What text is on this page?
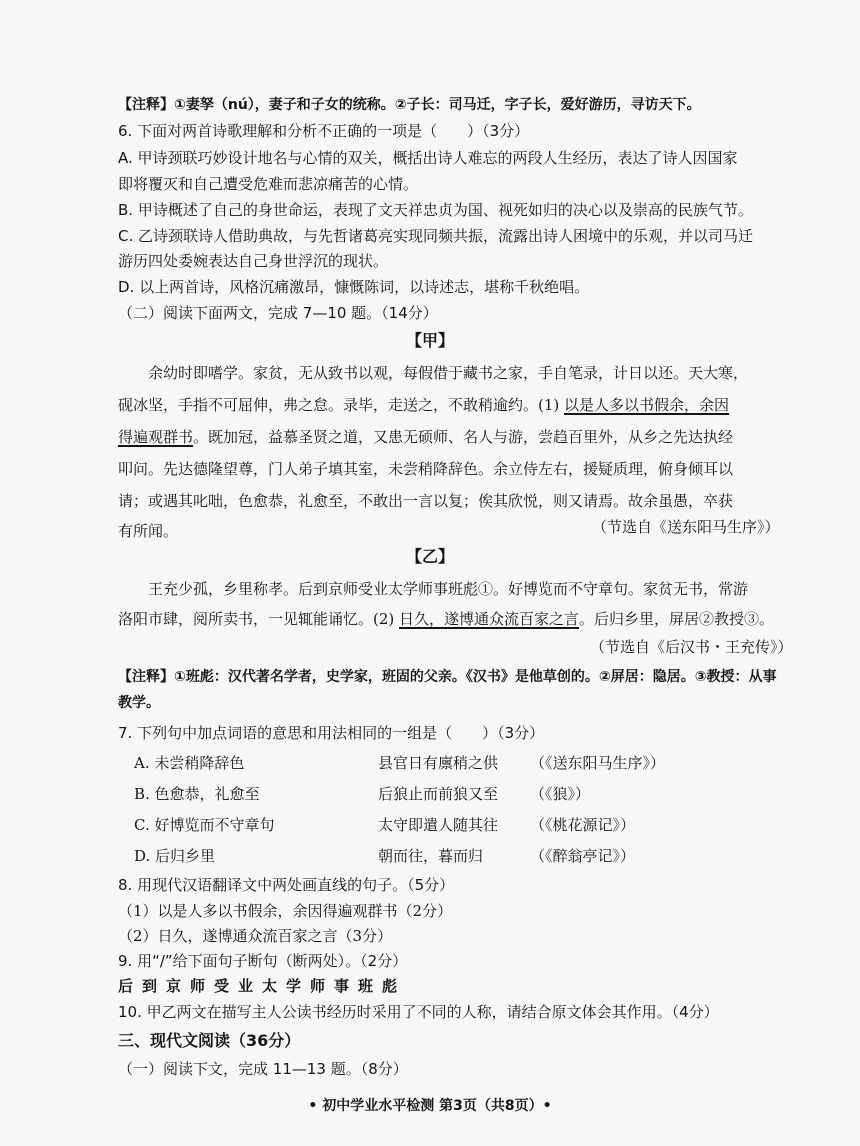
【注释】①妻孥（nú），妻子和子女的统称。②子长：司马迁，字子长，爱好游历，寻访天下。
6. 下面对两首诗歌理解和分析不正确的一项是（　　）（3分）
A. 甲诗颈联巧妙设计地名与心情的双关，概括出诗人难忘的两段人生经历，表达了诗人因国家
即将覆灭和自己遭受危难而悲凉痛苦的心情。
B. 甲诗概述了自己的身世命运，表现了文天祥忠贞为国、视死如归的决心以及崇高的民族气节。
C. 乙诗颈联诗人借助典故，与先哲诸葛亮实现同频共振，流露出诗人困境中的乐观，并以司马迁
游历四处委婉表达自己身世浮沉的现状。
D. 以上两首诗，风格沉痛激昂，慷慨陈词，以诗述志，堪称千秋绝唱。
（二）阅读下面两文，完成 7—10 题。（14分）
【甲】
余幼时即嗜学。家贫，无从致书以观，每假借于藏书之家，手自笔录，计日以还。天大寒，
砚冰坚，手指不可屈伸，弗之怠。录毕，走送之，不敢稍逾约。(1) 以是人多以书假余，余因
得遍观群书。既加冠，益慕圣贤之道，又患无硕师、名人与游，尝趋百里外，从乡之先达执经
叩问。先达德隆望尊，门人弟子填其室，未尝稍降辞色。余立侍左右，援疑质理，俯身倾耳以
请；或遇其叱咄，色愈恭，礼愈至，不敢出一言以复；俟其欣悦，则又请焉。故余虽愚，卒获
有所闻。	（节选自《送东阳马生序》）
【乙】
王充少孤，乡里称孝。后到京师受业太学师事班彪①。好博览而不守章句。家贫无书，常游
洛阳市肆，阅所卖书，一见辄能诵忆。(2) 日久，遂博通众流百家之言。后归乡里，屏居②教授③。
（节选自《后汉书・王充传》）
【注释】①班彪：汉代著名学者，史学家，班固的父亲。《汉书》是他草创的。②屏居：隐居。③教授：从事
教学。
7. 下列句中加点词语的意思和用法相同的一组是（　　）（3分）
A. 未尝稍降辞色	县官日有廪稍之供 （《送东阳马生序》）
B. 色愈恭，礼愈至	后狼止而前狼又至 （《狼》）
C. 好博览而不守章句	太守即遣人随其往 （《桃花源记》）
D. 后归乡里	朝而往，暮而归	（《醉翁亭记》）
8. 用现代汉语翻译文中两处画直线的句子。（5分）
（1）以是人多以书假余，余因得遍观群书（2分）
（2）日久，遂博通众流百家之言（3分）
9. 用“/”给下面句子断句（断两处）。（2分）
后到京师受业太学师事班彪
10. 甲乙两文在描写主人公读书经历时采用了不同的人称，请结合原文体会其作用。（4分）
三、现代文阅读（36分）
（一）阅读下文，完成 11—13 题。（8分）
• 初中学业水平检测 第3页（共8页）•
